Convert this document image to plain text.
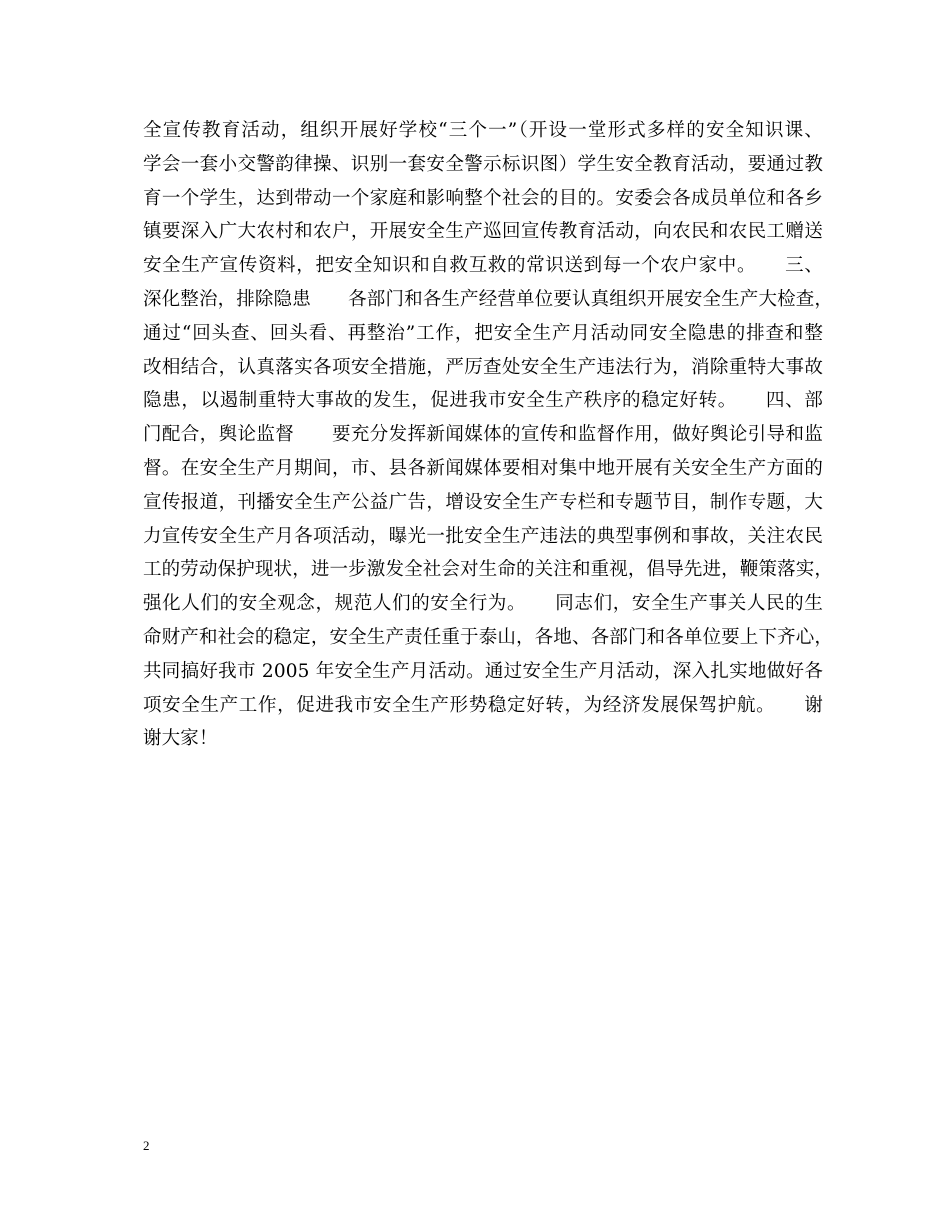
全宣传教育活动，组织开展好学校“三个一”（开设一堂形式多样的安全知识课、
学会一套小交警韵律操、识别一套安全警示标识图）学生安全教育活动，要通过教
育一个学生，达到带动一个家庭和影响整个社会的目的。安委会各成员单位和各乡
镇要深入广大农村和农户，开展安全生产巡回宣传教育活动，向农民和农民工赠送
安全生产宣传资料，把安全知识和自救互救的常识送到每一个农户家中。　　三、
深化整治，排除隐患　　各部门和各生产经营单位要认真组织开展安全生产大检查，
通过“回头查、回头看、再整治”工作，把安全生产月活动同安全隐患的排查和整
改相结合，认真落实各项安全措施，严厉查处安全生产违法行为，消除重特大事故
隐患，以遏制重特大事故的发生，促进我市安全生产秩序的稳定好转。　　四、部
门配合，舆论监督　　要充分发挥新闻媒体的宣传和监督作用，做好舆论引导和监
督。在安全生产月期间，市、县各新闻媒体要相对集中地开展有关安全生产方面的
宣传报道，刊播安全生产公益广告，增设安全生产专栏和专题节目，制作专题，大
力宣传安全生产月各项活动，曝光一批安全生产违法的典型事例和事故，关注农民
工的劳动保护现状，进一步激发全社会对生命的关注和重视，倡导先进，鞭策落实，
强化人们的安全观念，规范人们的安全行为。　　同志们，安全生产事关人民的生
命财产和社会的稳定，安全生产责任重于泰山，各地、各部门和各单位要上下齐心，
共同搞好我市 2005 年安全生产月活动。通过安全生产月活动，深入扎实地做好各
项安全生产工作，促进我市安全生产形势稳定好转，为经济发展保驾护航。　　谢
谢大家！
2
